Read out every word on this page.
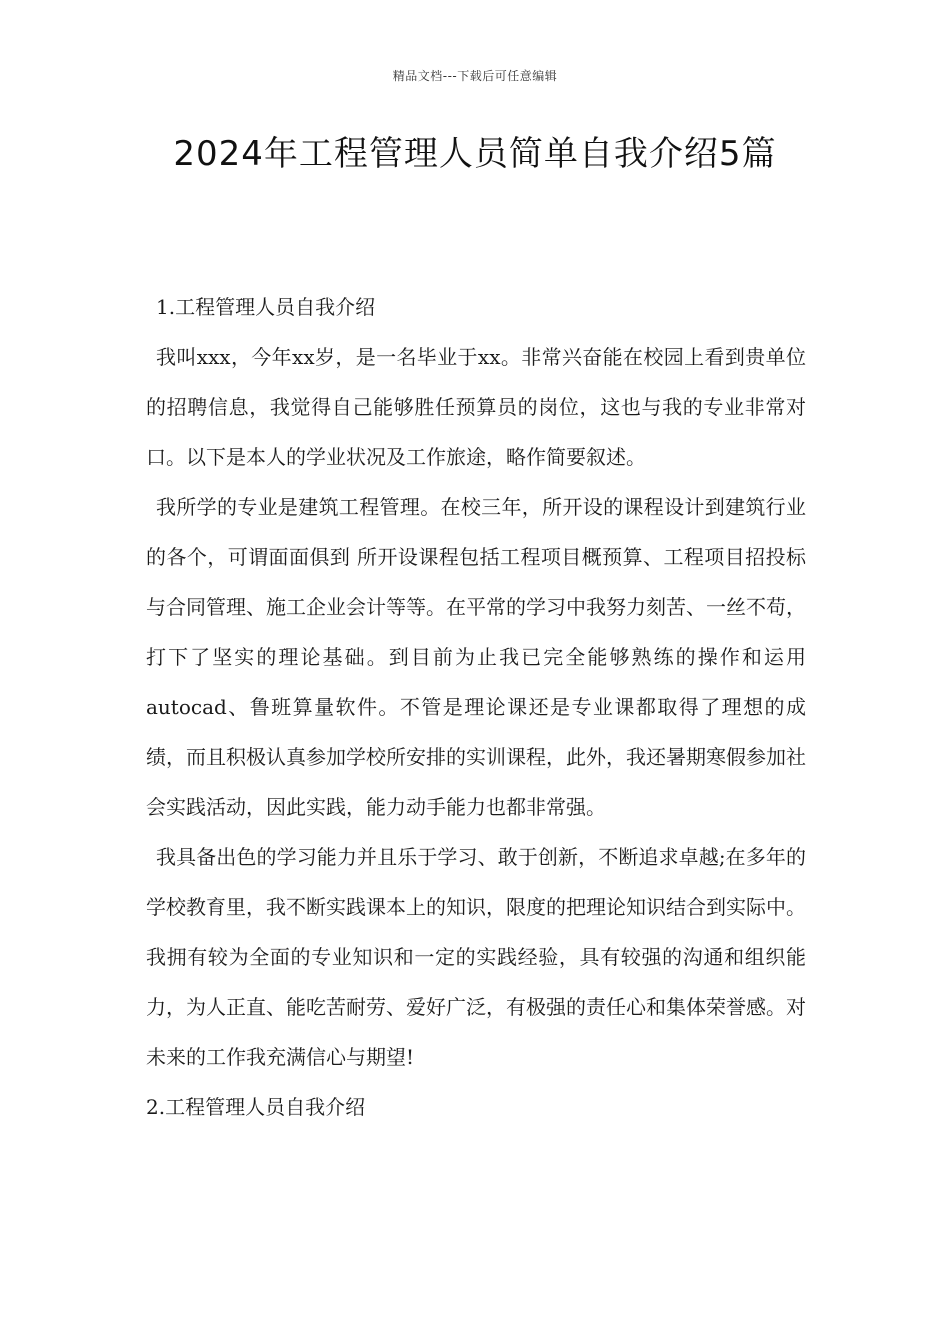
精品文档---下载后可任意编辑
2024年工程管理人员简单自我介绍5篇

1.工程管理人员自我介绍

我叫xxx，今年xx岁，是一名毕业于xx。非常兴奋能在校园上看到贵单位的招聘信息，我觉得自己能够胜任预算员的岗位，这也与我的专业非常对口。以下是本人的学业状况及工作旅途，略作简要叙述。

我所学的专业是建筑工程管理。在校三年，所开设的课程设计到建筑行业的各个，可谓面面俱到 所开设课程包括工程项目概预算、工程项目招投标与合同管理、施工企业会计等等。在平常的学习中我努力刻苦、一丝不苟，打下了坚实的理论基础。到目前为止我已完全能够熟练的操作和运用autocad、鲁班算量软件。不管是理论课还是专业课都取得了理想的成绩，而且积极认真参加学校所安排的实训课程，此外，我还暑期寒假参加社会实践活动，因此实践，能力动手能力也都非常强。

我具备出色的学习能力并且乐于学习、敢于创新，不断追求卓越;在多年的学校教育里，我不断实践课本上的知识，限度的把理论知识结合到实际中。我拥有较为全面的专业知识和一定的实践经验，具有较强的沟通和组织能力，为人正直、能吃苦耐劳、爱好广泛，有极强的责任心和集体荣誉感。对未来的工作我充满信心与期望!

2.工程管理人员自我介绍
